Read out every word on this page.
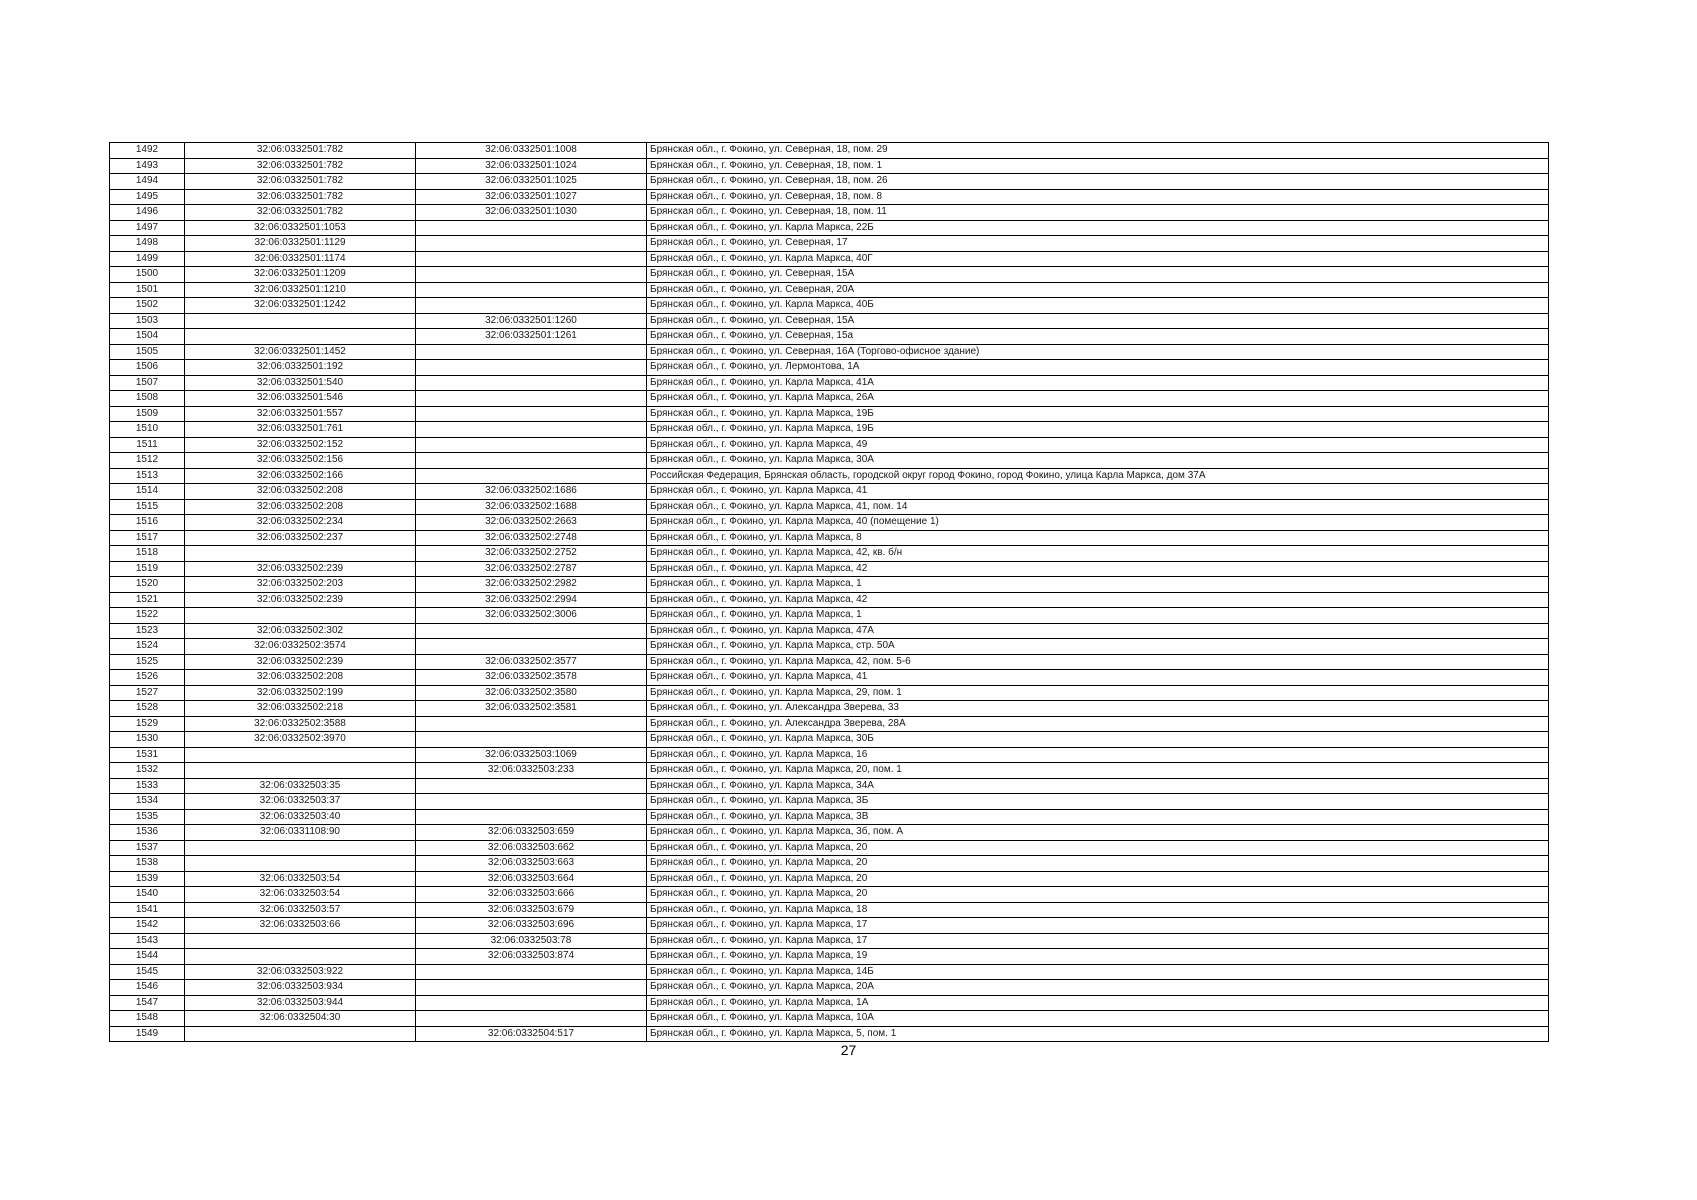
1492	32:06:0332501:782	32:06:0332501:1008	Брянская обл., г. Фокино, ул. Северная, 18, пом. 29
1493	32:06:0332501:782	32:06:0332501:1024	Брянская обл., г. Фокино, ул. Северная, 18, пом. 1
1494	32:06:0332501:782	32:06:0332501:1025	Брянская обл., г. Фокино, ул. Северная, 18, пом. 26
1495	32:06:0332501:782	32:06:0332501:1027	Брянская обл., г. Фокино, ул. Северная, 18, пом. 8
1496	32:06:0332501:782	32:06:0332501:1030	Брянская обл., г. Фокино, ул. Северная, 18, пом. 11
1497	32:06:0332501:1053		Брянская обл., г. Фокино, ул. Карла Маркса, 22Б
1498	32:06:0332501:1129		Брянская обл., г. Фокино, ул. Северная, 17
1499	32:06:0332501:1174		Брянская обл., г. Фокино, ул. Карла Маркса, 40Г
1500	32:06:0332501:1209		Брянская обл., г. Фокино, ул. Северная, 15А
1501	32:06:0332501:1210		Брянская обл., г. Фокино, ул. Северная, 20А
1502	32:06:0332501:1242		Брянская обл., г. Фокино, ул. Карла Маркса, 40Б
1503		32:06:0332501:1260	Брянская обл., г. Фокино, ул. Северная, 15А
1504		32:06:0332501:1261	Брянская обл., г. Фокино, ул. Северная, 15а
1505	32:06:0332501:1452		Брянская обл., г. Фокино, ул. Северная, 16А (Торгово-офисное здание)
1506	32:06:0332501:192		Брянская обл., г. Фокино, ул. Лермонтова, 1А
1507	32:06:0332501:540		Брянская обл., г. Фокино, ул. Карла Маркса, 41А
1508	32:06:0332501:546		Брянская обл., г. Фокино, ул. Карла Маркса, 26А
1509	32:06:0332501:557		Брянская обл., г. Фокино, ул. Карла Маркса, 19Б
1510	32:06:0332501:761		Брянская обл., г. Фокино, ул. Карла Маркса, 19Б
1511	32:06:0332502:152		Брянская обл., г. Фокино, ул. Карла Маркса, 49
1512	32:06:0332502:156		Брянская обл., г. Фокино, ул. Карла Маркса, 30А
1513	32:06:0332502:166		Российская Федерация, Брянская область, городской округ город Фокино, город Фокино, улица Карла Маркса, дом 37А
1514	32:06:0332502:208	32:06:0332502:1686	Брянская обл., г. Фокино, ул. Карла Маркса, 41
1515	32:06:0332502:208	32:06:0332502:1688	Брянская обл., г. Фокино, ул. Карла Маркса, 41, пом. 14
1516	32:06:0332502:234	32:06:0332502:2663	Брянская обл., г. Фокино, ул. Карла Маркса, 40 (помещение 1)
1517	32:06:0332502:237	32:06:0332502:2748	Брянская обл., г. Фокино, ул. Карла Маркса, 8
1518		32:06:0332502:2752	Брянская обл., г. Фокино, ул. Карла Маркса, 42, кв. б/н
1519	32:06:0332502:239	32:06:0332502:2787	Брянская обл., г. Фокино, ул. Карла Маркса, 42
1520	32:06:0332502:203	32:06:0332502:2982	Брянская обл., г. Фокино, ул. Карла Маркса, 1
1521	32:06:0332502:239	32:06:0332502:2994	Брянская обл., г. Фокино, ул. Карла Маркса, 42
1522		32:06:0332502:3006	Брянская обл., г. Фокино, ул. Карла Маркса, 1
1523	32:06:0332502:302		Брянская обл., г. Фокино, ул. Карла Маркса, 47А
1524	32:06:0332502:3574		Брянская обл., г. Фокино, ул. Карла Маркса, стр. 50А
1525	32:06:0332502:239	32:06:0332502:3577	Брянская обл., г. Фокино, ул. Карла Маркса, 42, пом. 5-6
1526	32:06:0332502:208	32:06:0332502:3578	Брянская обл., г. Фокино, ул. Карла Маркса, 41
1527	32:06:0332502:199	32:06:0332502:3580	Брянская обл., г. Фокино, ул. Карла Маркса, 29, пом. 1
1528	32:06:0332502:218	32:06:0332502:3581	Брянская обл., г. Фокино, ул. Александра Зверева, 33
1529	32:06:0332502:3588		Брянская обл., г. Фокино, ул. Александра Зверева, 28А
1530	32:06:0332502:3970		Брянская обл., г. Фокино, ул. Карла Маркса, 30Б
1531		32:06:0332503:1069	Брянская обл., г. Фокино, ул. Карла Маркса, 16
1532		32:06:0332503:233	Брянская обл., г. Фокино, ул. Карла Маркса, 20, пом. 1
1533	32:06:0332503:35		Брянская обл., г. Фокино, ул. Карла Маркса, 34А
1534	32:06:0332503:37		Брянская обл., г. Фокино, ул. Карла Маркса, 3Б
1535	32:06:0332503:40		Брянская обл., г. Фокино, ул. Карла Маркса, 3В
1536	32:06:0331108:90	32:06:0332503:659	Брянская обл., г. Фокино, ул. Карла Маркса, 3б, пом. А
1537		32:06:0332503:662	Брянская обл., г. Фокино, ул. Карла Маркса, 20
1538		32:06:0332503:663	Брянская обл., г. Фокино, ул. Карла Маркса, 20
1539	32:06:0332503:54	32:06:0332503:664	Брянская обл., г. Фокино, ул. Карла Маркса, 20
1540	32:06:0332503:54	32:06:0332503:666	Брянская обл., г. Фокино, ул. Карла Маркса, 20
1541	32:06:0332503:57	32:06:0332503:679	Брянская обл., г. Фокино, ул. Карла Маркса, 18
1542	32:06:0332503:66	32:06:0332503:696	Брянская обл., г. Фокино, ул. Карла Маркса, 17
1543		32:06:0332503:78	Брянская обл., г. Фокино, ул. Карла Маркса, 17
1544		32:06:0332503:874	Брянская обл., г. Фокино, ул. Карла Маркса, 19
1545	32:06:0332503:922		Брянская обл., г. Фокино, ул. Карла Маркса, 14Б
1546	32:06:0332503:934		Брянская обл., г. Фокино, ул. Карла Маркса, 20А
1547	32:06:0332503:944		Брянская обл., г. Фокино, ул. Карла Маркса, 1А
1548	32:06:0332504:30		Брянская обл., г. Фокино, ул. Карла Маркса, 10А
1549		32:06:0332504:517	Брянская обл., г. Фокино, ул. Карла Маркса, 5, пом. 1
27
